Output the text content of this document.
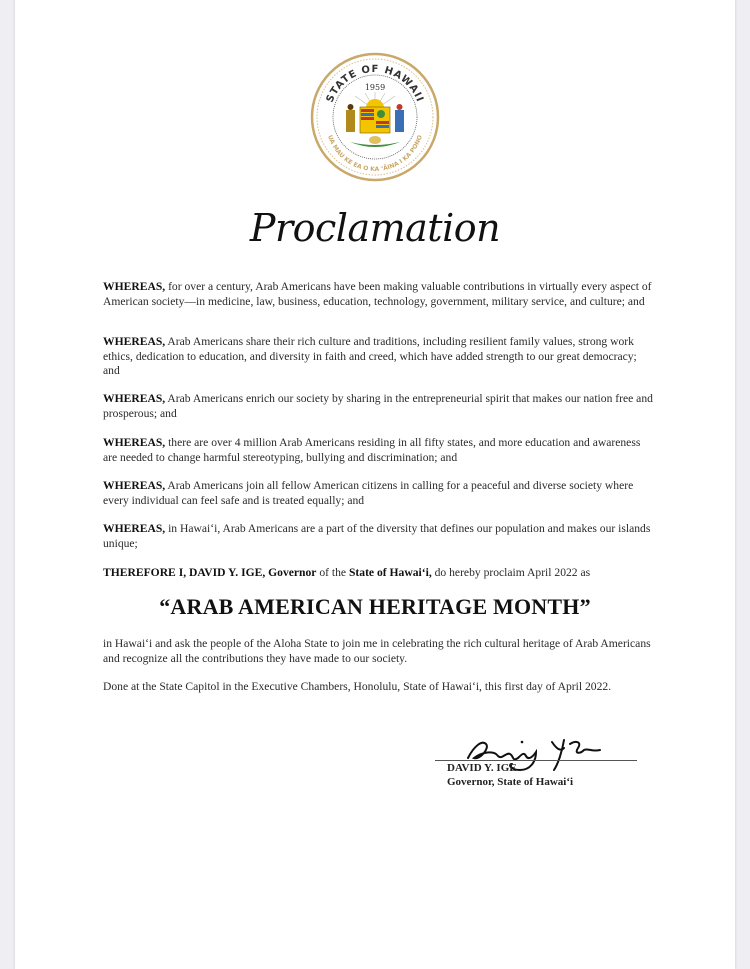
STATE OF HAWAII
UA MAU KE EA O KA ʻĀINA I KA PONO
1959
Proclamation

WHEREAS, for over a century, Arab Americans have been making valuable contributions in virtually every aspect of American society—in medicine, law, business, education, technology, government, military service, and culture; and

WHEREAS, Arab Americans share their rich culture and traditions, including resilient family values, strong work ethics, dedication to education, and diversity in faith and creed, which have added strength to our great democracy; and

WHEREAS, Arab Americans enrich our society by sharing in the entrepreneurial spirit that makes our nation free and prosperous; and

WHEREAS, there are over 4 million Arab Americans residing in all fifty states, and more education and awareness are needed to change harmful stereotyping, bullying and discrimination; and

WHEREAS, Arab Americans join all fellow American citizens in calling for a peaceful and diverse society where every individual can feel safe and is treated equally; and

WHEREAS, in Hawaiʻi, Arab Americans are a part of the diversity that defines our population and makes our islands unique;

THEREFORE I, DAVID Y. IGE, Governor of the State of Hawaiʻi, do hereby proclaim April 2022 as

“ARAB AMERICAN HERITAGE MONTH”

in Hawaiʻi and ask the people of the Aloha State to join me in celebrating the rich cultural heritage of Arab Americans and recognize all the contributions they have made to our society.

Done at the State Capitol in the Executive Chambers, Honolulu, State of Hawaiʻi, this first day of April 2022.

DAVID Y. IGE
Governor, State of Hawaiʻi
